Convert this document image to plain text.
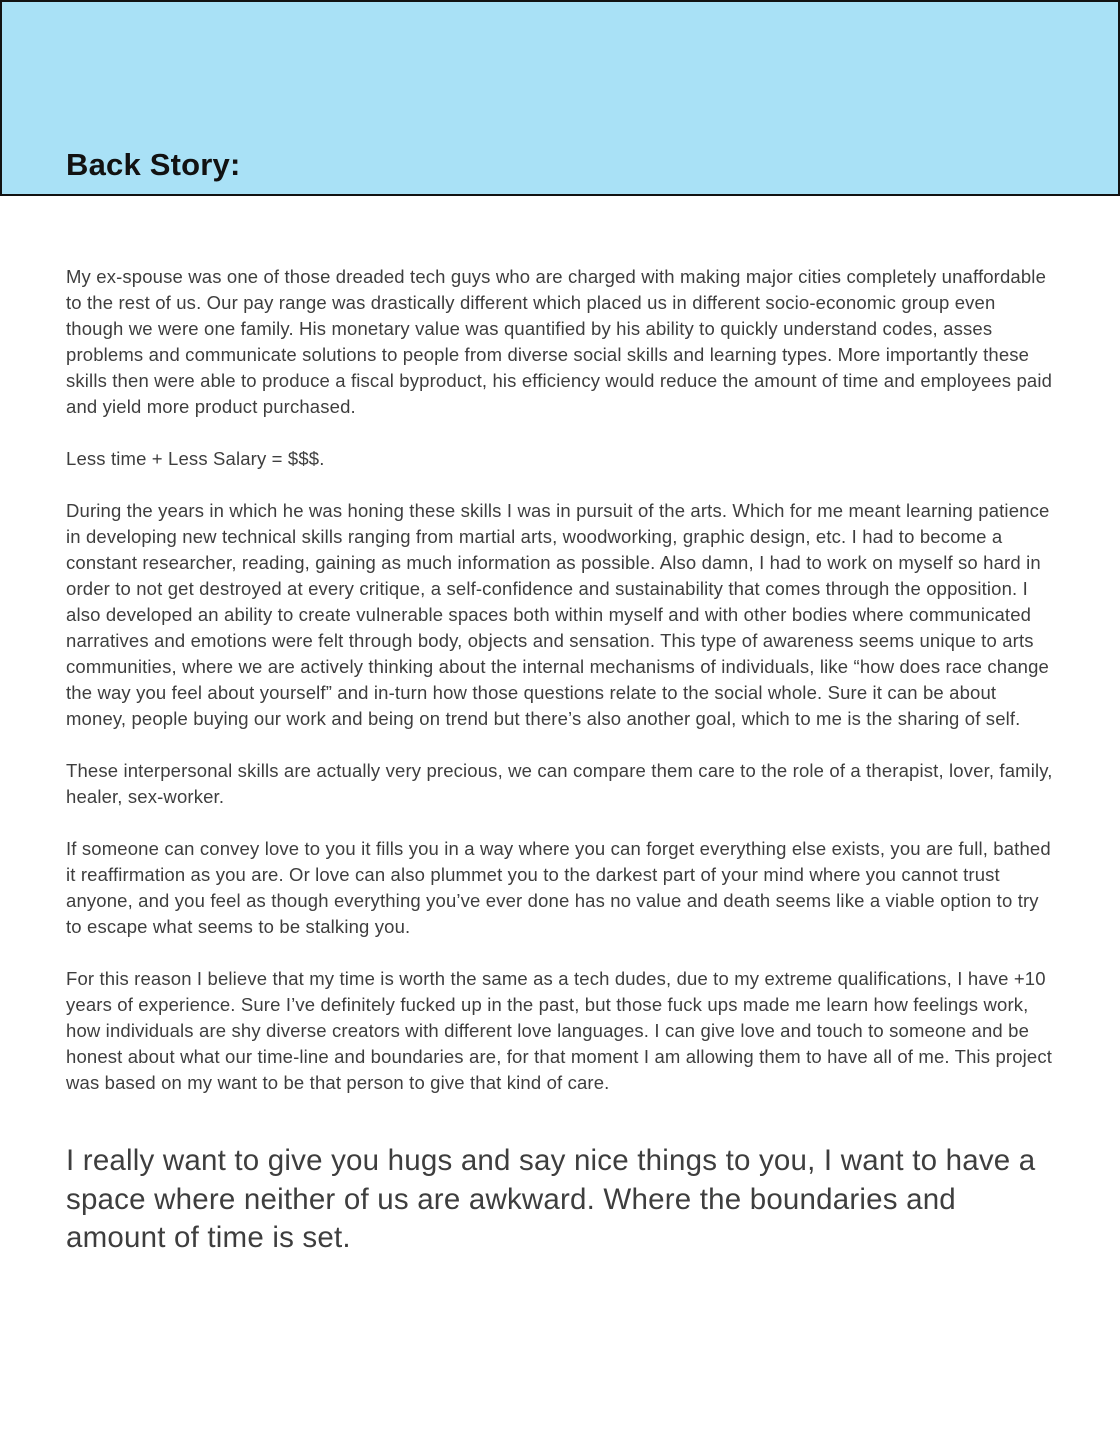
Back Story:

My ex-spouse was one of those dreaded tech guys who are charged with making major cities completely unaffordable to the rest of us. Our pay range was drastically different which placed us in different socio-economic group even though we were one family. His monetary value was quantified by his ability to quickly understand codes, asses problems and communicate solutions to people from diverse social skills and learning types. More importantly these skills then were able to produce a fiscal byproduct, his efficiency would reduce the amount of time and employees paid and yield more product purchased.

Less time + Less Salary = $$$.

During the years in which he was honing these skills I was in pursuit of the arts. Which for me meant learning patience in developing new technical skills ranging from martial arts, woodworking, graphic design, etc. I had to become a constant researcher, reading, gaining as much information as possible. Also damn, I had to work on myself so hard in order to not get destroyed at every critique, a self-confidence and sustainability that comes through the opposition. I also developed an ability to create vulnerable spaces both within myself and with other bodies where communicated narratives and emotions were felt through body, objects and sensation. This type of awareness seems unique to arts communities, where we are actively thinking about the internal mechanisms of individuals, like “how does race change the way you feel about yourself” and in-turn how those questions relate to the social whole. Sure it can be about money, people buying our work and being on trend but there’s also another goal, which to me is the sharing of self.

These interpersonal skills are actually very precious, we can compare them care to the role of a therapist, lover, family, healer, sex-worker.

If someone can convey love to you it fills you in a way where you can forget everything else exists, you are full, bathed it reaffirmation as you are. Or love can also plummet you to the darkest part of your mind where you cannot trust anyone, and you feel as though everything you’ve ever done has no value and death seems like a viable option to try to escape what seems to be stalking you.

For this reason I believe that my time is worth the same as a tech dudes, due to my extreme qualifications, I have +10 years of experience. Sure I’ve definitely fucked up in the past, but those fuck ups made me learn how feelings work, how individuals are shy diverse creators with different love languages. I can give love and touch to someone and be honest about what our time-line and boundaries are, for that moment I am allowing them to have all of me. This project was based on my want to be that person to give that kind of care.

I really want to give you hugs and say nice things to you, I want to have a space where neither of us are awkward. Where the boundaries and amount of time is set.
